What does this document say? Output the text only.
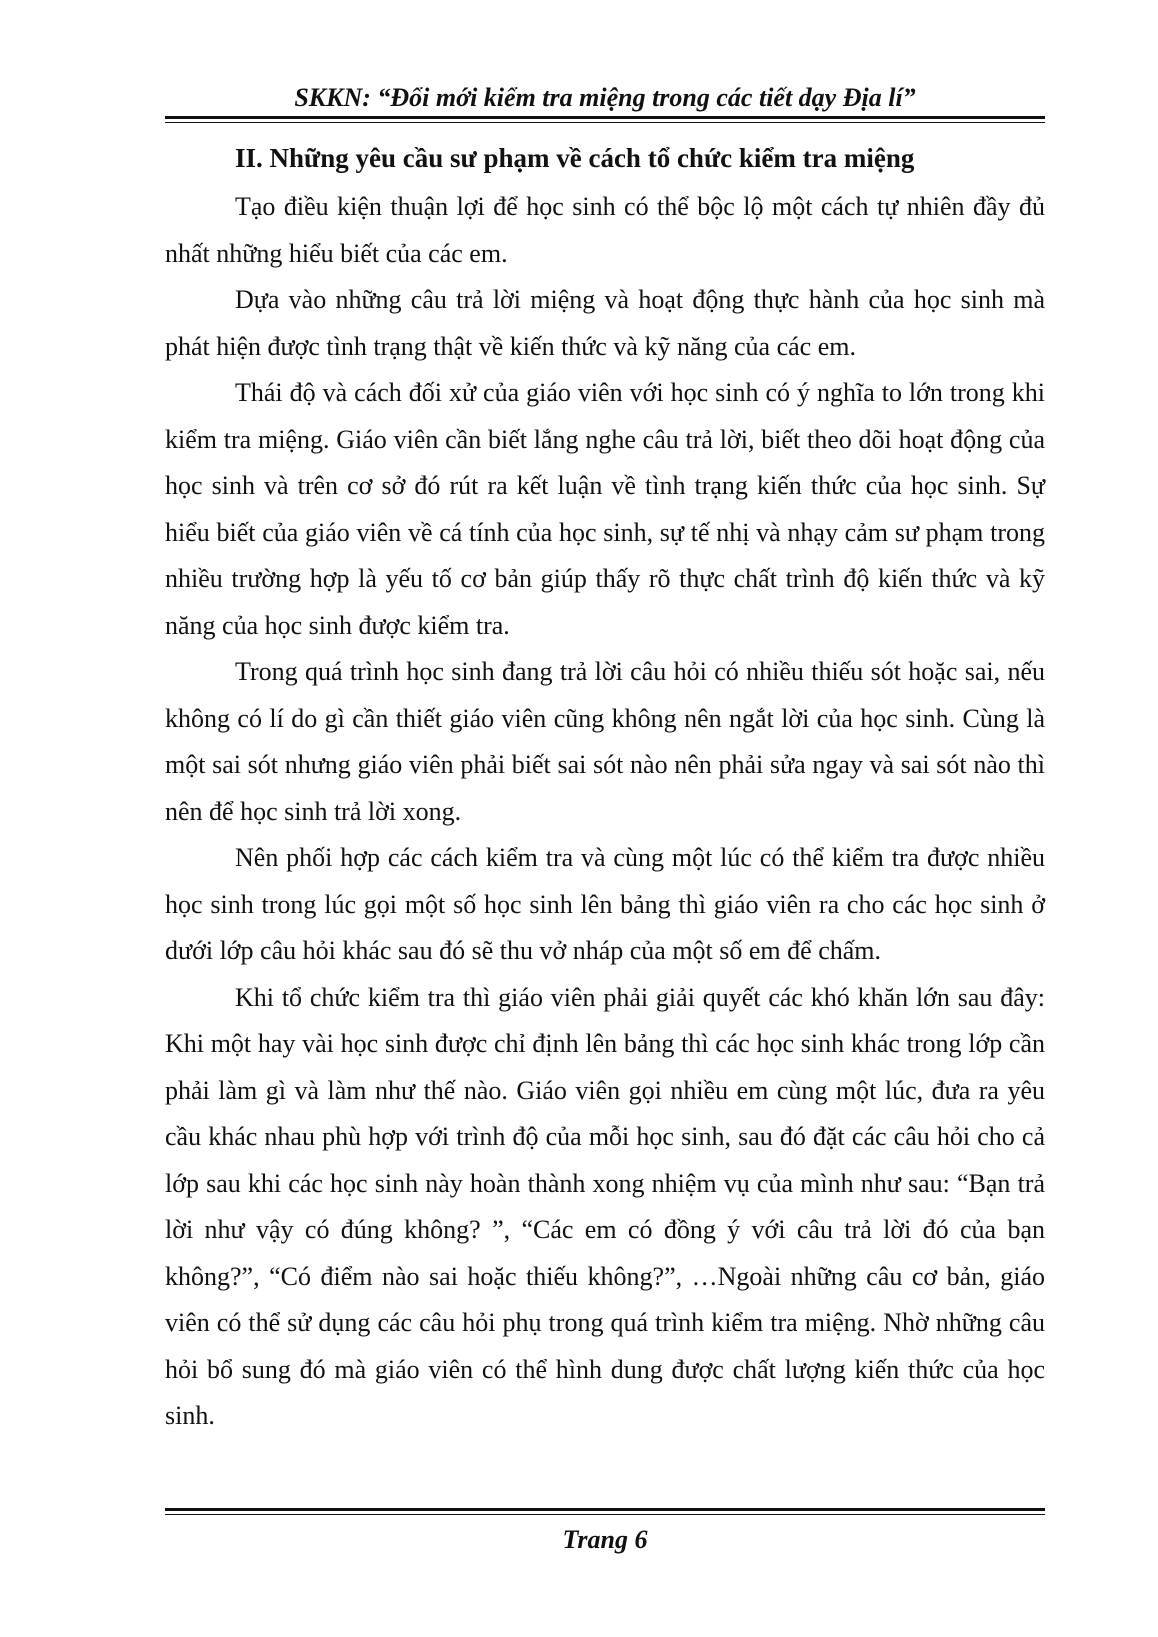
SKKN: “Đổi mới kiểm tra miệng trong các tiết dạy Địa lí”
II. Những yêu cầu sư phạm về cách tổ chức kiểm tra miệng

Tạo điều kiện thuận lợi để học sinh có thể bộc lộ một cách tự nhiên đầy đủ nhất những hiểu biết của các em.

Dựa vào những câu trả lời miệng và hoạt động thực hành của học sinh mà phát hiện được tình trạng thật về kiến thức và kỹ năng của các em.

Thái độ và cách đối xử của giáo viên với học sinh có ý nghĩa to lớn trong khi kiểm tra miệng. Giáo viên cần biết lắng nghe câu trả lời, biết theo dõi hoạt động của học sinh và trên cơ sở đó rút ra kết luận về tình trạng kiến thức của học sinh. Sự hiểu biết của giáo viên về cá tính của học sinh, sự tế nhị và nhạy cảm sư phạm trong nhiều trường hợp là yếu tố cơ bản giúp thấy rõ thực chất trình độ kiến thức và kỹ năng của học sinh được kiểm tra.

Trong quá trình học sinh đang trả lời câu hỏi có nhiều thiếu sót hoặc sai, nếu không có lí do gì cần thiết giáo viên cũng không nên ngắt lời của học sinh. Cùng là một sai sót nhưng giáo viên phải biết sai sót nào nên phải sửa ngay và sai sót nào thì nên để học sinh trả lời xong.

Nên phối hợp các cách kiểm tra và cùng một lúc có thể kiểm tra được nhiều học sinh trong lúc gọi một số học sinh lên bảng thì giáo viên ra cho các học sinh ở dưới lớp câu hỏi khác sau đó sẽ thu vở nháp của một số em để chấm.

Khi tổ chức kiểm tra thì giáo viên phải giải quyết các khó khăn lớn sau đây: Khi một hay vài học sinh được chỉ định lên bảng thì các học sinh khác trong lớp cần phải làm gì và làm như thế nào. Giáo viên gọi nhiều em cùng một lúc, đưa ra yêu cầu khác nhau phù hợp với trình độ của mỗi học sinh, sau đó đặt các câu hỏi cho cả lớp sau khi các học sinh này hoàn thành xong nhiệm vụ của mình như sau: “Bạn trả lời như vậy có đúng không? ”, “Các em có đồng ý với câu trả lời đó của bạn không?”, “Có điểm nào sai hoặc thiếu không?”, …Ngoài những câu cơ bản, giáo viên có thể sử dụng các câu hỏi phụ trong quá trình kiểm tra miệng. Nhờ những câu hỏi bổ sung đó mà giáo viên có thể hình dung được chất lượng kiến thức của học sinh.

Trang 6
